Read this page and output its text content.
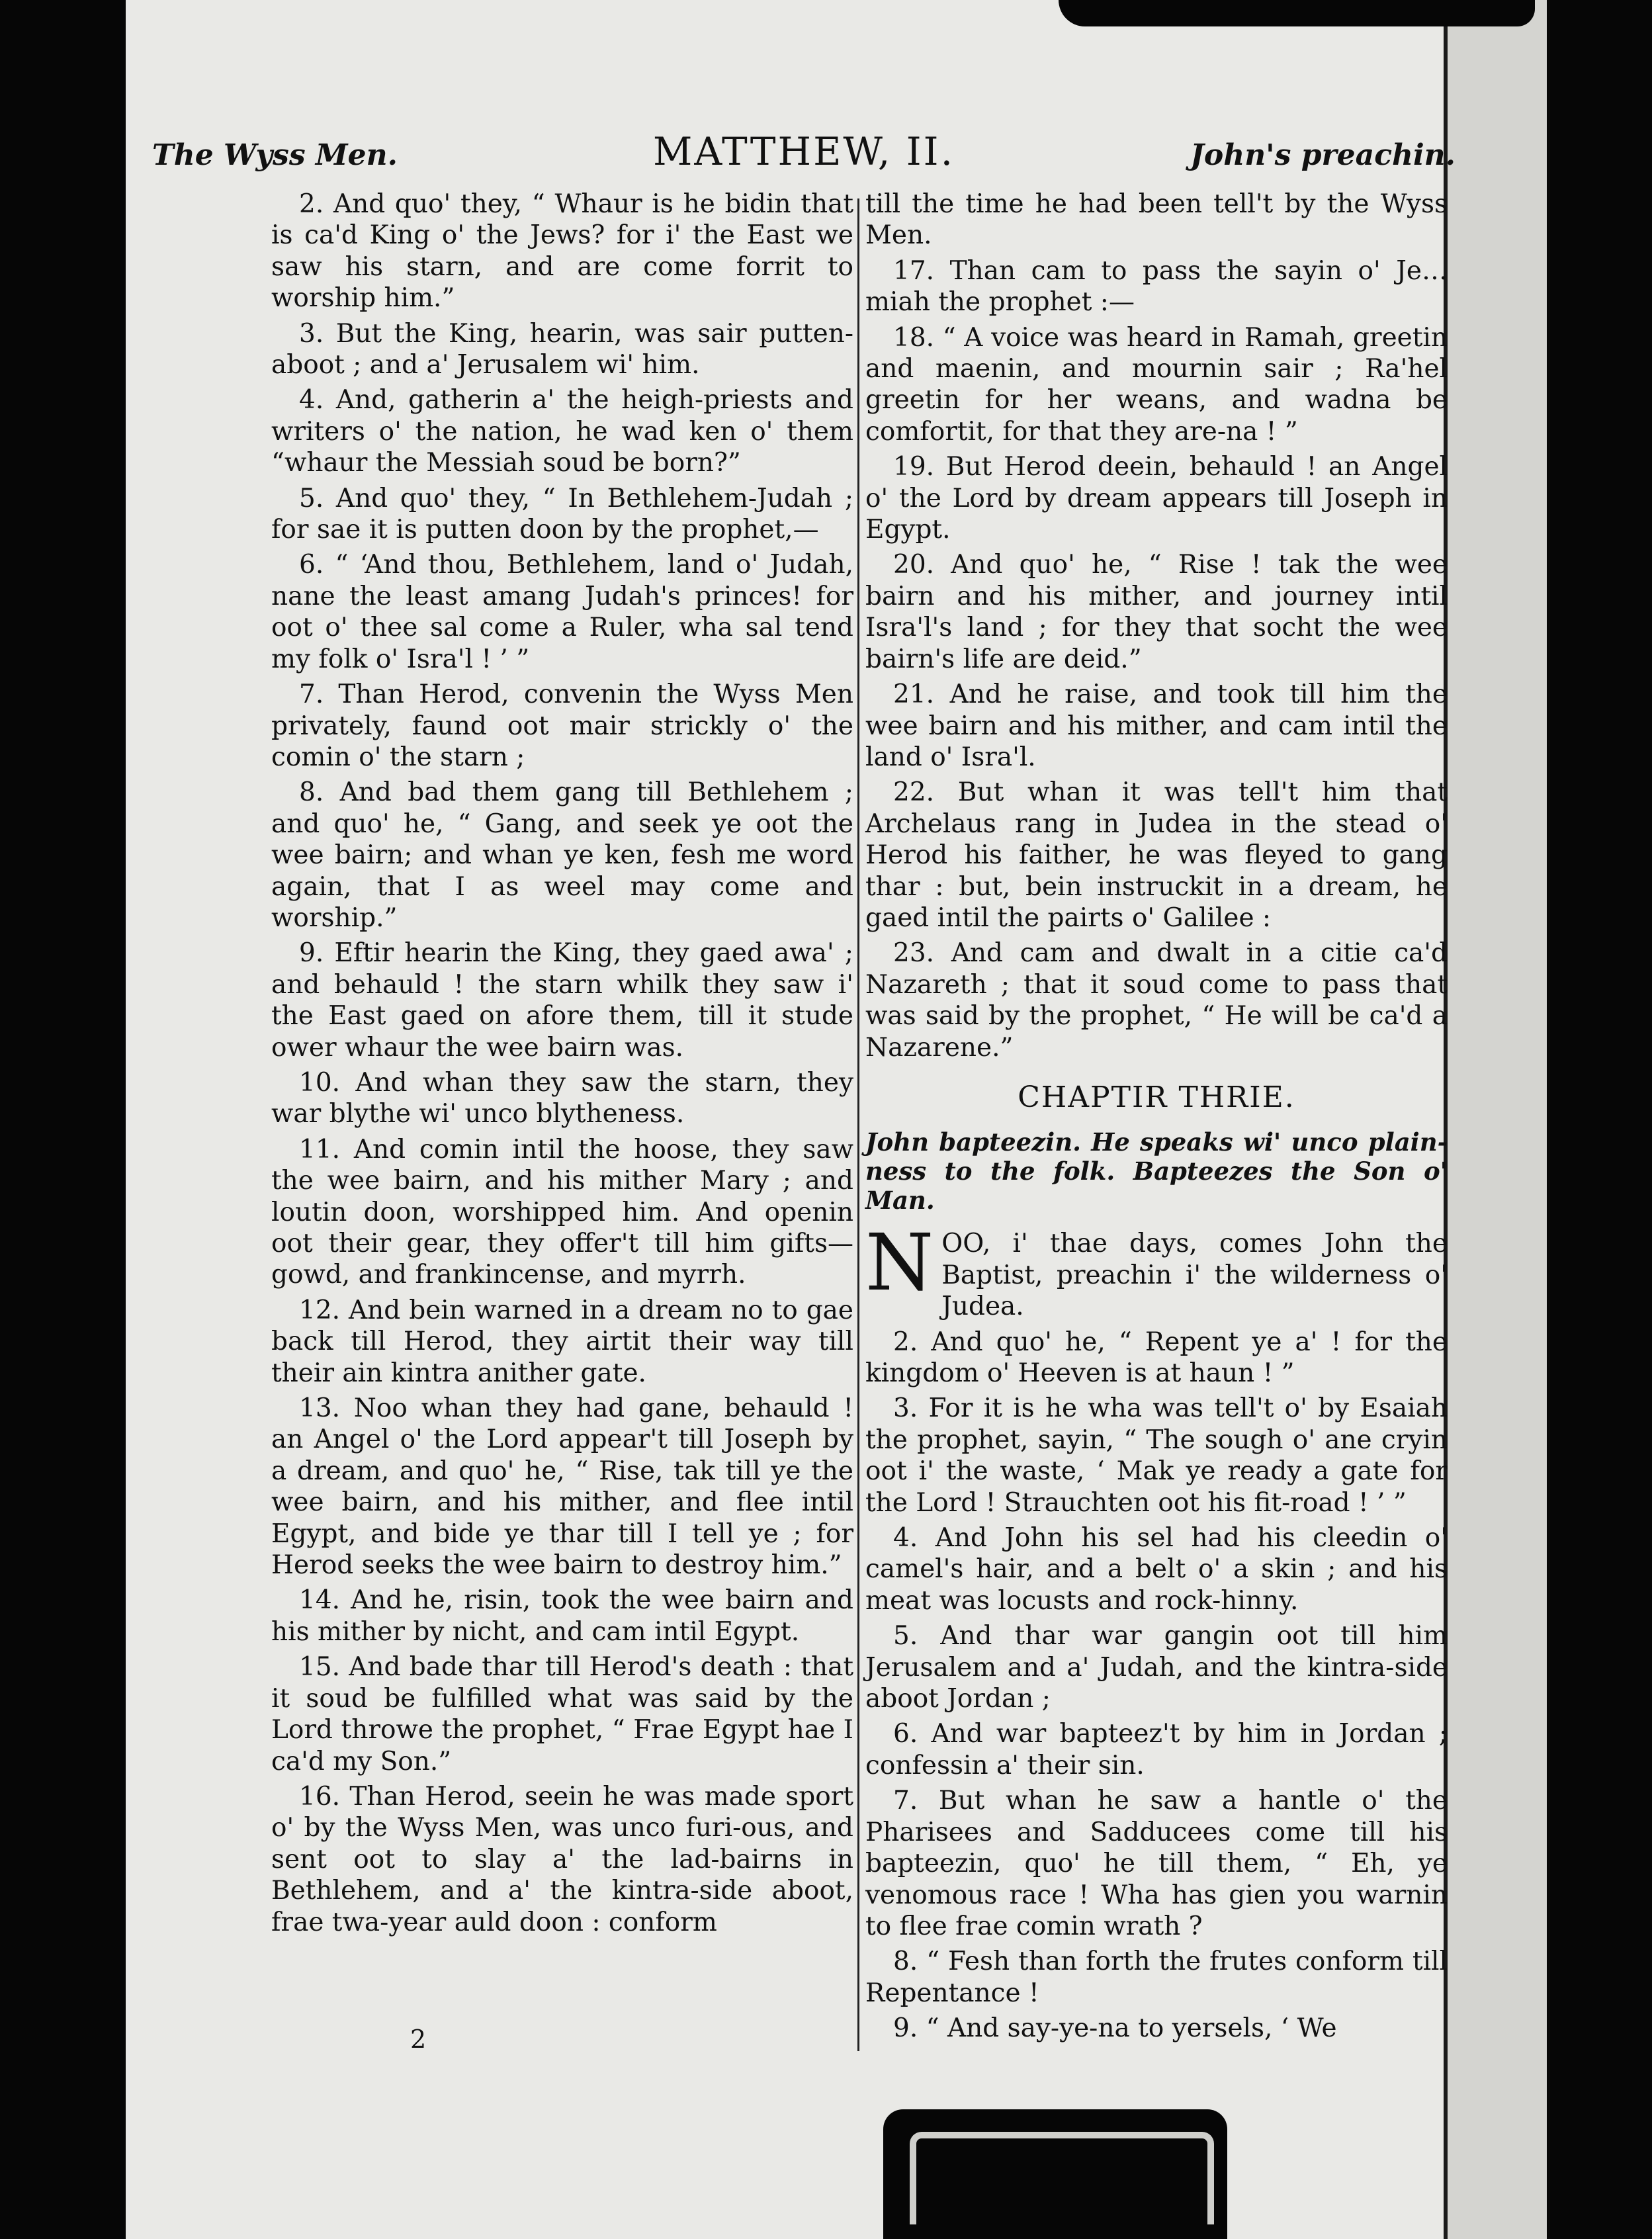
The Wyss Men.	MATTHEW, II.	John's preachin.

2. And quo' they, “ Whaur is he bidin that is ca'd King o' the Jews? for i' the East we saw his starn, and are come forrit to worship him.”

3. But the King, hearin, was sair putten-aboot ; and a' Jerusalem wi' him.

4. And, gatherin a' the heigh-priests and writers o' the nation, he wad ken o' them “whaur the Messiah soud be born?”

5. And quo' they, “ In Bethlehem-Judah ; for sae it is putten doon by the prophet,—

6. “ ‘And thou, Bethlehem, land o' Judah, nane the least amang Judah's princes! for oot o' thee sal come a Ruler, wha sal tend my folk o' Isra'l ! ’ ”

7. Than Herod, convenin the Wyss Men privately, faund oot mair strickly o' the comin o' the starn ;

8. And bad them gang till Bethlehem ; and quo' he, “ Gang, and seek ye oot the wee bairn; and whan ye ken, fesh me word again, that I as weel may come and worship.”

9. Eftir hearin the King, they gaed awa' ; and behauld ! the starn whilk they saw i' the East gaed on afore them, till it stude ower whaur the wee bairn was.

10. And whan they saw the starn, they war blythe wi' unco blytheness.

11. And comin intil the hoose, they saw the wee bairn, and his mither Mary ; and loutin doon, worshipped him. And openin oot their gear, they offer't till him gifts—gowd, and frankincense, and myrrh.

12. And bein warned in a dream no to gae back till Herod, they airtit their way till their ain kintra anither gate.

13. Noo whan they had gane, behauld ! an Angel o' the Lord appear't till Joseph by a dream, and quo' he, “ Rise, tak till ye the wee bairn, and his mither, and flee intil Egypt, and bide ye thar till I tell ye ; for Herod seeks the wee bairn to destroy him.”

14. And he, risin, took the wee bairn and his mither by nicht, and cam intil Egypt.

15. And bade thar till Herod's death : that it soud be fulfilled what was said by the Lord throwe the prophet, “ Frae Egypt hae I ca'd my Son.”

16. Than Herod, seein he was made sport o' by the Wyss Men, was unco furi-ous, and sent oot to slay a' the lad-bairns in Bethlehem, and a' the kintra-side aboot, frae twa-year auld doon : conform

till the time he had been tell't by the Wyss Men.

17. Than cam to pass the sayin o' Je…miah the prophet :—

18. “ A voice was heard in Ramah, greetin and maenin, and mournin sair ; Ra'hel greetin for her weans, and wadna be comfortit, for that they are-na ! ”

19. But Herod deein, behauld ! an Angel o' the Lord by dream appears till Joseph in Egypt.

20. And quo' he, “ Rise ! tak the wee bairn and his mither, and journey intil Isra'l's land ; for they that socht the wee bairn's life are deid.”

21. And he raise, and took till him the wee bairn and his mither, and cam intil the land o' Isra'l.

22. But whan it was tell't him that Archelaus rang in Judea in the stead o' Herod his faither, he was fleyed to gang thar : but, bein instruckit in a dream, he gaed intil the pairts o' Galilee :

23. And cam and dwalt in a citie ca'd Nazareth ; that it soud come to pass that was said by the prophet, “ He will be ca'd a Nazarene.”

CHAPTIR THRIE.

John bapteezin. He speaks wi' unco plain-ness to the folk. Bapteezes the Son o' Man.

NOO, i' thae days, comes John the Baptist, preachin i' the wilderness o' Judea.

2. And quo' he, “ Repent ye a' ! for the kingdom o' Heeven is at haun ! ”

3. For it is he wha was tell't o' by Esaiah the prophet, sayin, “ The sough o' ane cryin oot i' the waste, ‘ Mak ye ready a gate for the Lord ! Strauchten oot his fit-road ! ’ ”

4. And John his sel had his cleedin o' camel's hair, and a belt o' a skin ; and his meat was locusts and rock-hinny.

5. And thar war gangin oot till him Jerusalem and a' Judah, and the kintra-side aboot Jordan ;

6. And war bapteez't by him in Jordan ; confessin a' their sin.

7. But whan he saw a hantle o' the Pharisees and Sadducees come till his bapteezin, quo' he till them, “ Eh, ye venomous race ! Wha has gien you warnin to flee frae comin wrath ?

8. “ Fesh than forth the frutes conform till Repentance !

9. “ And say-ye-na to yersels, ‘ We

2
